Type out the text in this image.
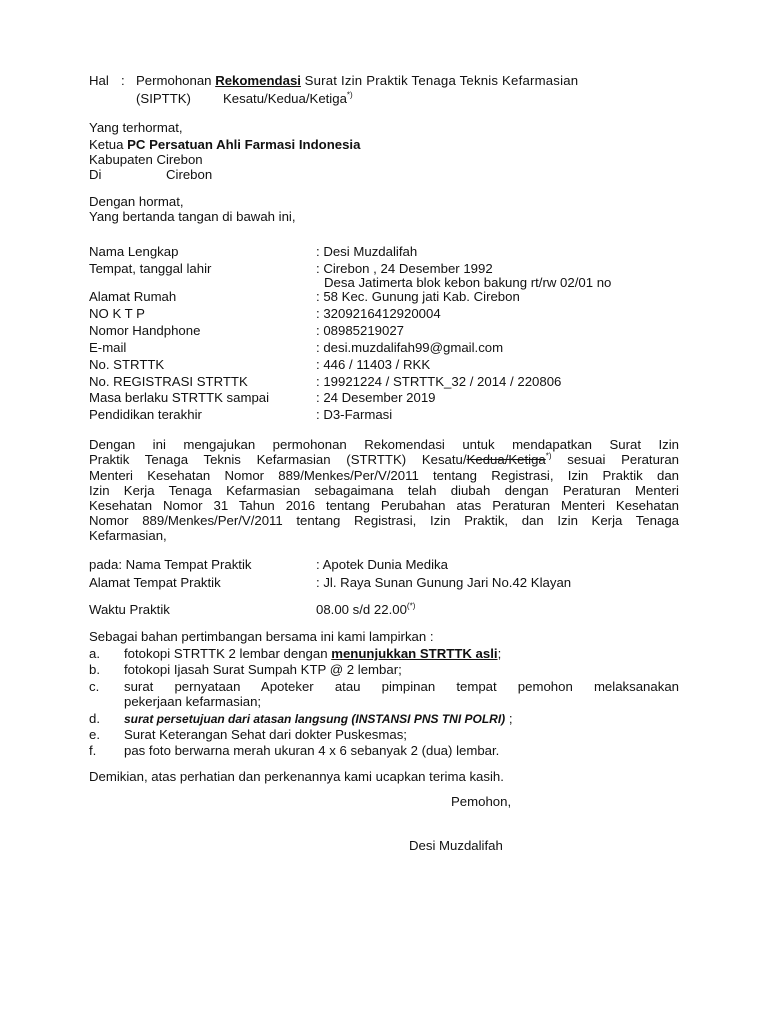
Hal : Permohonan Rekomendasi Surat Izin Praktik Tenaga Teknis Kefarmasian
(SIPTTK) Kesatu/Kedua/Ketiga*)
Yang terhormat,
Ketua PC Persatuan Ahli Farmasi Indonesia
Kabupaten Cirebon
Di	Cirebon
Dengan hormat,
Yang bertanda tangan di bawah ini,
Nama Lengkap	: Desi Muzdalifah
Tempat, tanggal lahir	: Cirebon , 24 Desember 1992
Desa Jatimerta blok kebon bakung rt/rw 02/01 no
Alamat Rumah	: 58 Kec. Gunung jati Kab. Cirebon
NO K T P	: 3209216412920004
Nomor Handphone	: 08985219027
E-mail	: desi.muzdalifah99@gmail.com
No. STRTTK	: 446 / 11403 / RKK
No. REGISTRASI STRTTK	: 19921224 / STRTTK_32 / 2014 / 220806
Masa berlaku STRTTK sampai	: 24 Desember 2019
Pendidikan terakhir	: D3-Farmasi
Dengan ini mengajukan permohonan Rekomendasi untuk mendapatkan Surat Izin
Praktik Tenaga Teknis Kefarmasian (STRTTK) Kesatu/Kedua/Ketiga*) sesuai Peraturan
Menteri Kesehatan Nomor 889/Menkes/Per/V/2011 tentang Registrasi, Izin Praktik dan
Izin Kerja Tenaga Kefarmasian sebagaimana telah diubah dengan Peraturan Menteri
Kesehatan Nomor 31 Tahun 2016 tentang Perubahan atas Peraturan Menteri Kesehatan
Nomor 889/Menkes/Per/V/2011 tentang Registrasi, Izin Praktik, dan Izin Kerja Tenaga
Kefarmasian,
pada: Nama Tempat Praktik	: Apotek Dunia Medika
Alamat Tempat Praktik	: Jl. Raya Sunan Gunung Jari No.42 Klayan
Waktu Praktik	08.00 s/d 22.00(*)
Sebagai bahan pertimbangan bersama ini kami lampirkan :
a. fotokopi STRTTK 2 lembar dengan menunjukkan STRTTK asli;
b. fotokopi Ijasah Surat Sumpah KTP @ 2 lembar;
c. surat pernyataan Apoteker atau pimpinan tempat pemohon melaksanakan
pekerjaan kefarmasian;
d. surat persetujuan dari atasan langsung (INSTANSI PNS TNI POLRI) ;
e. Surat Keterangan Sehat dari dokter Puskesmas;
f. pas foto berwarna merah ukuran 4 x 6 sebanyak 2 (dua) lembar.
Demikian, atas perhatian dan perkenannya kami ucapkan terima kasih.
Pemohon,
Desi Muzdalifah
